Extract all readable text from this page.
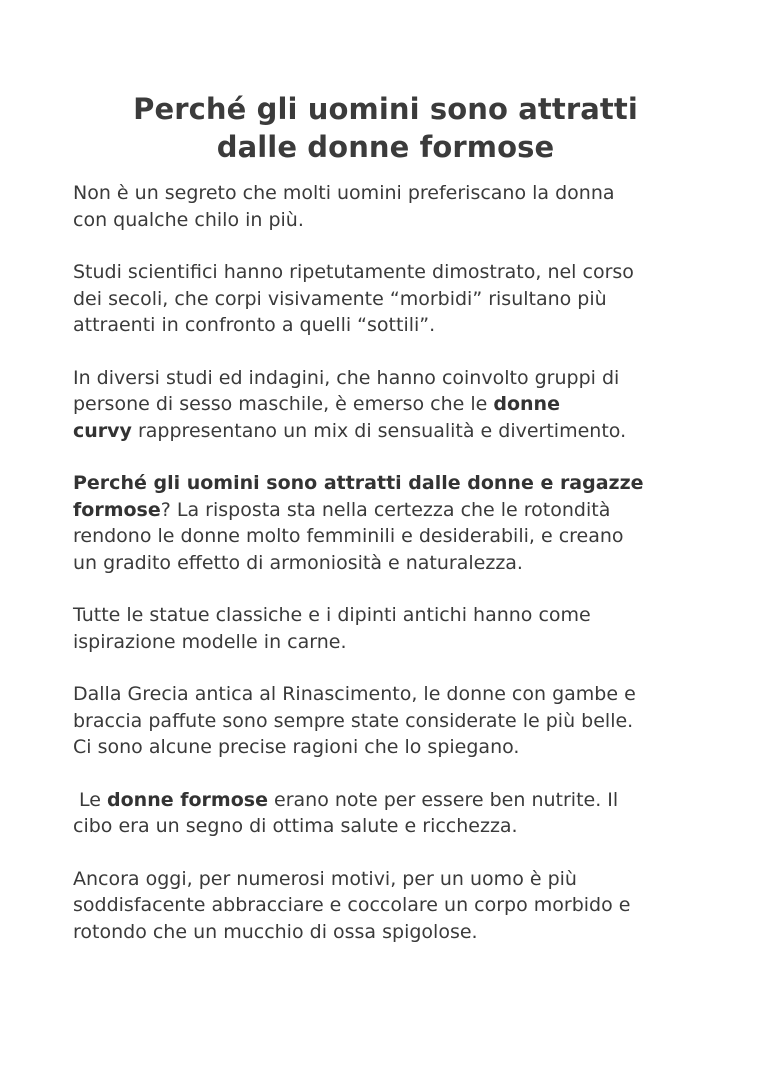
Perché gli uomini sono attratti
dalle donne formose

Non è un segreto che molti uomini preferiscano la donna
con qualche chilo in più.

Studi scientifici hanno ripetutamente dimostrato, nel corso
dei secoli, che corpi visivamente “morbidi” risultano più
attraenti in confronto a quelli “sottili”.

In diversi studi ed indagini, che hanno coinvolto gruppi di
persone di sesso maschile, è emerso che le donne
curvy rappresentano un mix di sensualità e divertimento.

Perché gli uomini sono attratti dalle donne e ragazze
formose? La risposta sta nella certezza che le rotondità
rendono le donne molto femminili e desiderabili, e creano
un gradito effetto di armoniosità e naturalezza.

Tutte le statue classiche e i dipinti antichi hanno come
ispirazione modelle in carne.

Dalla Grecia antica al Rinascimento, le donne con gambe e
braccia paffute sono sempre state considerate le più belle.
Ci sono alcune precise ragioni che lo spiegano.

Le donne formose erano note per essere ben nutrite. Il
cibo era un segno di ottima salute e ricchezza.

Ancora oggi, per numerosi motivi, per un uomo è più
soddisfacente abbracciare e coccolare un corpo morbido e
rotondo che un mucchio di ossa spigolose.
